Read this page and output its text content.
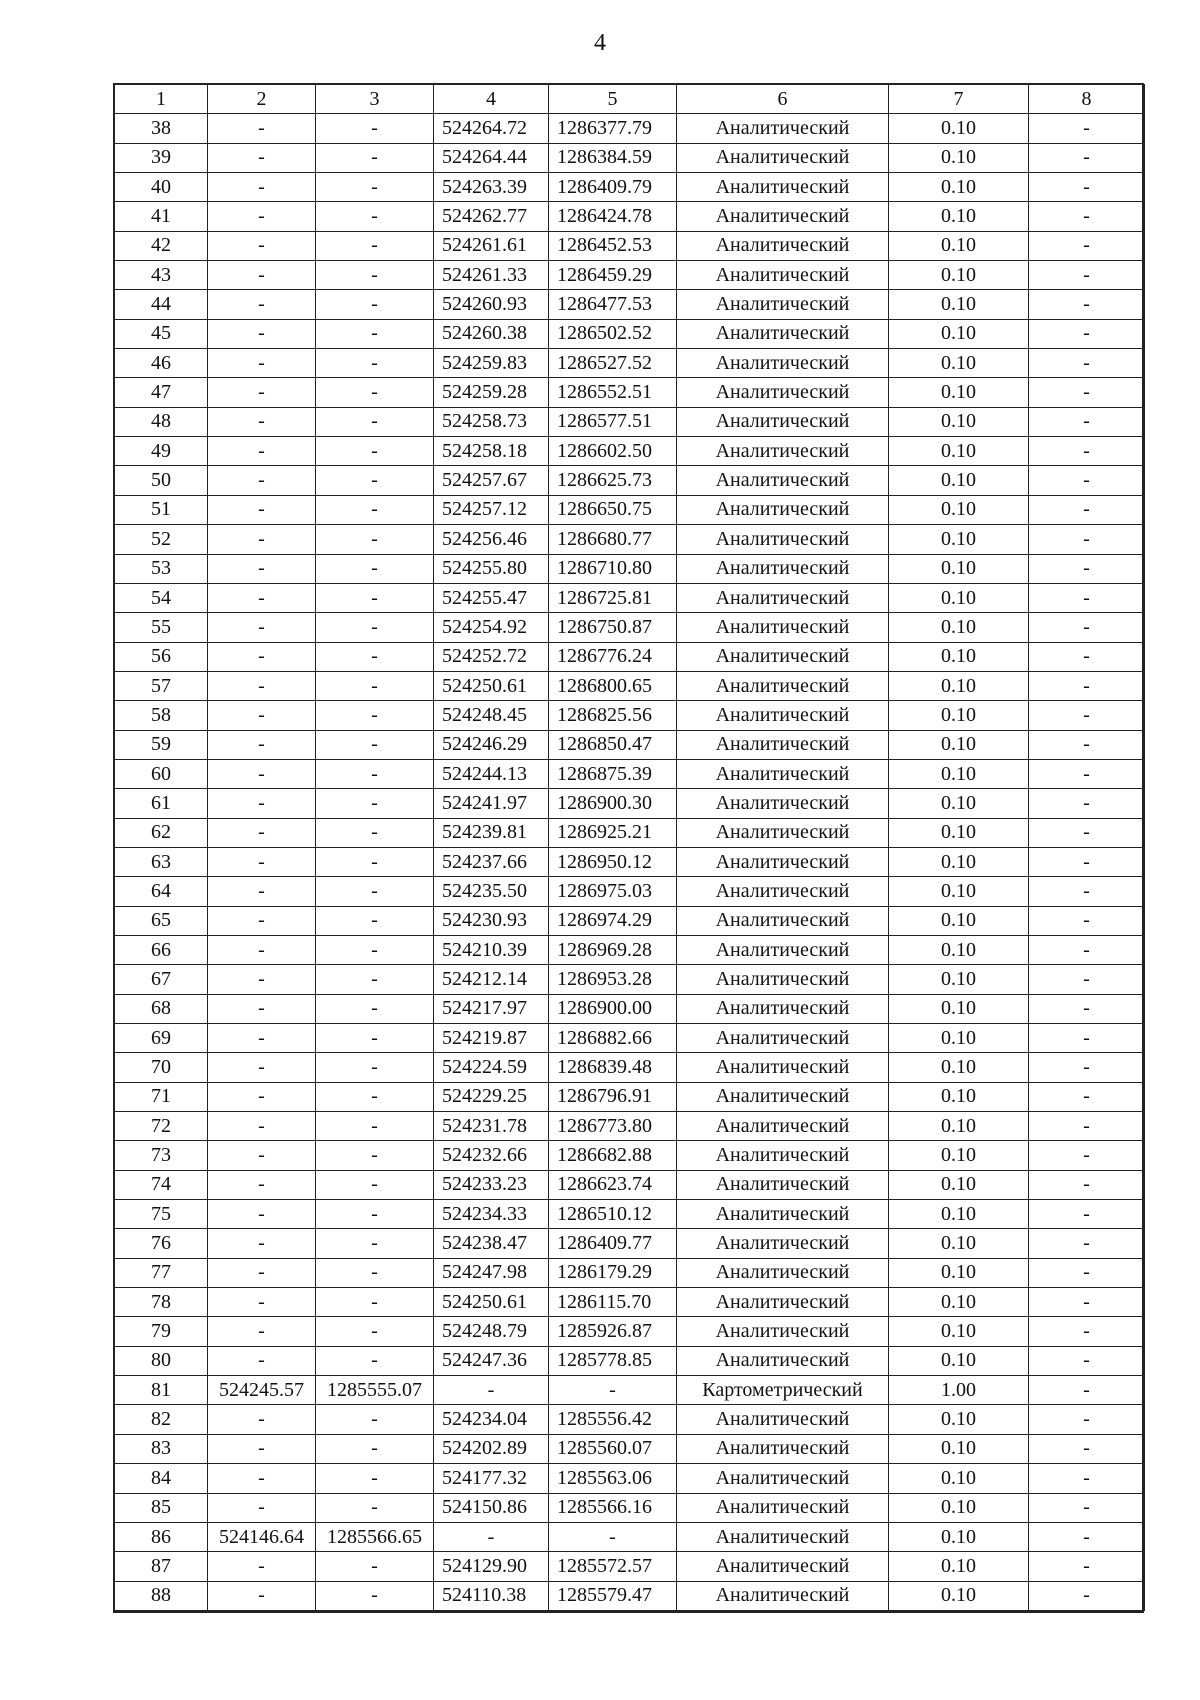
4
1	2	3	4	5	6	7	8
38	-	-	524264.72	1286377.79	Аналитический	0.10	-
39	-	-	524264.44	1286384.59	Аналитический	0.10	-
40	-	-	524263.39	1286409.79	Аналитический	0.10	-
41	-	-	524262.77	1286424.78	Аналитический	0.10	-
42	-	-	524261.61	1286452.53	Аналитический	0.10	-
43	-	-	524261.33	1286459.29	Аналитический	0.10	-
44	-	-	524260.93	1286477.53	Аналитический	0.10	-
45	-	-	524260.38	1286502.52	Аналитический	0.10	-
46	-	-	524259.83	1286527.52	Аналитический	0.10	-
47	-	-	524259.28	1286552.51	Аналитический	0.10	-
48	-	-	524258.73	1286577.51	Аналитический	0.10	-
49	-	-	524258.18	1286602.50	Аналитический	0.10	-
50	-	-	524257.67	1286625.73	Аналитический	0.10	-
51	-	-	524257.12	1286650.75	Аналитический	0.10	-
52	-	-	524256.46	1286680.77	Аналитический	0.10	-
53	-	-	524255.80	1286710.80	Аналитический	0.10	-
54	-	-	524255.47	1286725.81	Аналитический	0.10	-
55	-	-	524254.92	1286750.87	Аналитический	0.10	-
56	-	-	524252.72	1286776.24	Аналитический	0.10	-
57	-	-	524250.61	1286800.65	Аналитический	0.10	-
58	-	-	524248.45	1286825.56	Аналитический	0.10	-
59	-	-	524246.29	1286850.47	Аналитический	0.10	-
60	-	-	524244.13	1286875.39	Аналитический	0.10	-
61	-	-	524241.97	1286900.30	Аналитический	0.10	-
62	-	-	524239.81	1286925.21	Аналитический	0.10	-
63	-	-	524237.66	1286950.12	Аналитический	0.10	-
64	-	-	524235.50	1286975.03	Аналитический	0.10	-
65	-	-	524230.93	1286974.29	Аналитический	0.10	-
66	-	-	524210.39	1286969.28	Аналитический	0.10	-
67	-	-	524212.14	1286953.28	Аналитический	0.10	-
68	-	-	524217.97	1286900.00	Аналитический	0.10	-
69	-	-	524219.87	1286882.66	Аналитический	0.10	-
70	-	-	524224.59	1286839.48	Аналитический	0.10	-
71	-	-	524229.25	1286796.91	Аналитический	0.10	-
72	-	-	524231.78	1286773.80	Аналитический	0.10	-
73	-	-	524232.66	1286682.88	Аналитический	0.10	-
74	-	-	524233.23	1286623.74	Аналитический	0.10	-
75	-	-	524234.33	1286510.12	Аналитический	0.10	-
76	-	-	524238.47	1286409.77	Аналитический	0.10	-
77	-	-	524247.98	1286179.29	Аналитический	0.10	-
78	-	-	524250.61	1286115.70	Аналитический	0.10	-
79	-	-	524248.79	1285926.87	Аналитический	0.10	-
80	-	-	524247.36	1285778.85	Аналитический	0.10	-
81	524245.57	1285555.07	-	-	Картометрический	1.00	-
82	-	-	524234.04	1285556.42	Аналитический	0.10	-
83	-	-	524202.89	1285560.07	Аналитический	0.10	-
84	-	-	524177.32	1285563.06	Аналитический	0.10	-
85	-	-	524150.86	1285566.16	Аналитический	0.10	-
86	524146.64	1285566.65	-	-	Аналитический	0.10	-
87	-	-	524129.90	1285572.57	Аналитический	0.10	-
88	-	-	524110.38	1285579.47	Аналитический	0.10	-
